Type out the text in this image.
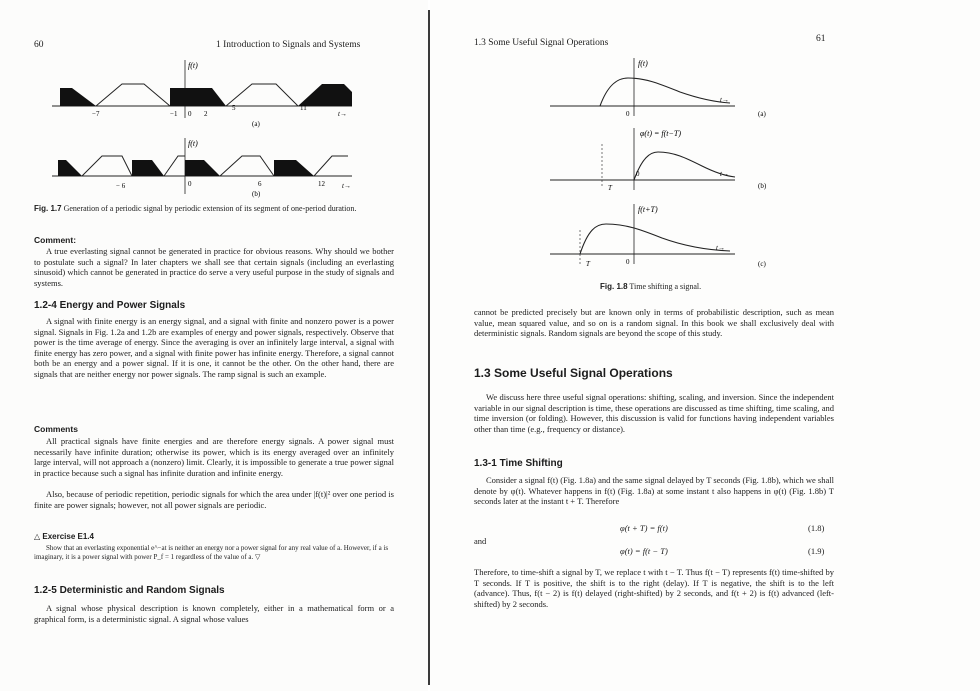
60	1 Introduction to Signals and Systems
f(t)
−7	−1 0 2
5	11
t→
(a)
f(t)
− 6	0	6	12 t→
(b)
Fig. 1.7 Generation of a periodic signal by periodic extension of its segment of one-period duration.
Comment:
A true everlasting signal cannot be generated in practice for obvious reasons. Why should we bother to postulate such a signal? In later chapters we shall see that certain signals (including an everlasting sinusoid) which cannot be generated in practice do serve a very useful purpose in the study of signals and systems.
1.2-4 Energy and Power Signals
A signal with finite energy is an energy signal, and a signal with finite and nonzero power is a power signal. Signals in Fig. 1.2a and 1.2b are examples of energy and power signals, respectively. Observe that power is the time average of energy. Since the averaging is over an infinitely large interval, a signal with finite energy has zero power, and a signal with finite power has infinite energy. Therefore, a signal cannot both be an energy and a power signal. If it is one, it cannot be the other. On the other hand, there are signals that are neither energy nor power signals. The ramp signal is such an example.
Comments
All practical signals have finite energies and are therefore energy signals. A power signal must necessarily have infinite duration; otherwise its power, which is its energy averaged over an infinitely large interval, will not approach a (nonzero) limit. Clearly, it is impossible to generate a true power signal in practice because such a signal has infinite duration and infinite energy.
Also, because of periodic repetition, periodic signals for which the area under |f(t)|² over one period is finite are power signals; however, not all power signals are periodic.
△ Exercise E1.4
Show that an everlasting exponential e^−at is neither an energy nor a power signal for any real value of a. However, if a is imaginary, it is a power signal with power P_f = 1 regardless of the value of a. ▽
1.2-5 Deterministic and Random Signals
A signal whose physical description is known completely, either in a mathematical form or a graphical form, is a deterministic signal. A signal whose values
1.3 Some Useful Signal Operations	61
f(t)
0
t→
(a)
φ(t) = f(t−T)
0
T
t→
(b)
f(t+T)
0
T
t→
(c)
Fig. 1.8 Time shifting a signal.
cannot be predicted precisely but are known only in terms of probabilistic description, such as mean value, mean squared value, and so on is a random signal. In this book we shall exclusively deal with deterministic signals. Random signals are beyond the scope of this study.
1.3 Some Useful Signal Operations
We discuss here three useful signal operations: shifting, scaling, and inversion. Since the independent variable in our signal description is time, these operations are discussed as time shifting, time scaling, and time inversion (or folding). However, this discussion is valid for functions having independent variables other than time (e.g., frequency or distance).
1.3-1 Time Shifting
Consider a signal f(t) (Fig. 1.8a) and the same signal delayed by T seconds (Fig. 1.8b), which we shall denote by φ(t). Whatever happens in f(t) (Fig. 1.8a) at some instant t also happens in φ(t) (Fig. 1.8b) T seconds later at the instant t + T. Therefore
φ(t + T) = f(t)	(1.8)
and
φ(t) = f(t − T)	(1.9)
Therefore, to time-shift a signal by T, we replace t with t − T. Thus f(t − T) represents f(t) time-shifted by T seconds. If T is positive, the shift is to the right (delay). If T is negative, the shift is to the left (advance). Thus, f(t − 2) is f(t) delayed (right-shifted) by 2 seconds, and f(t + 2) is f(t) advanced (left-shifted) by 2 seconds.
